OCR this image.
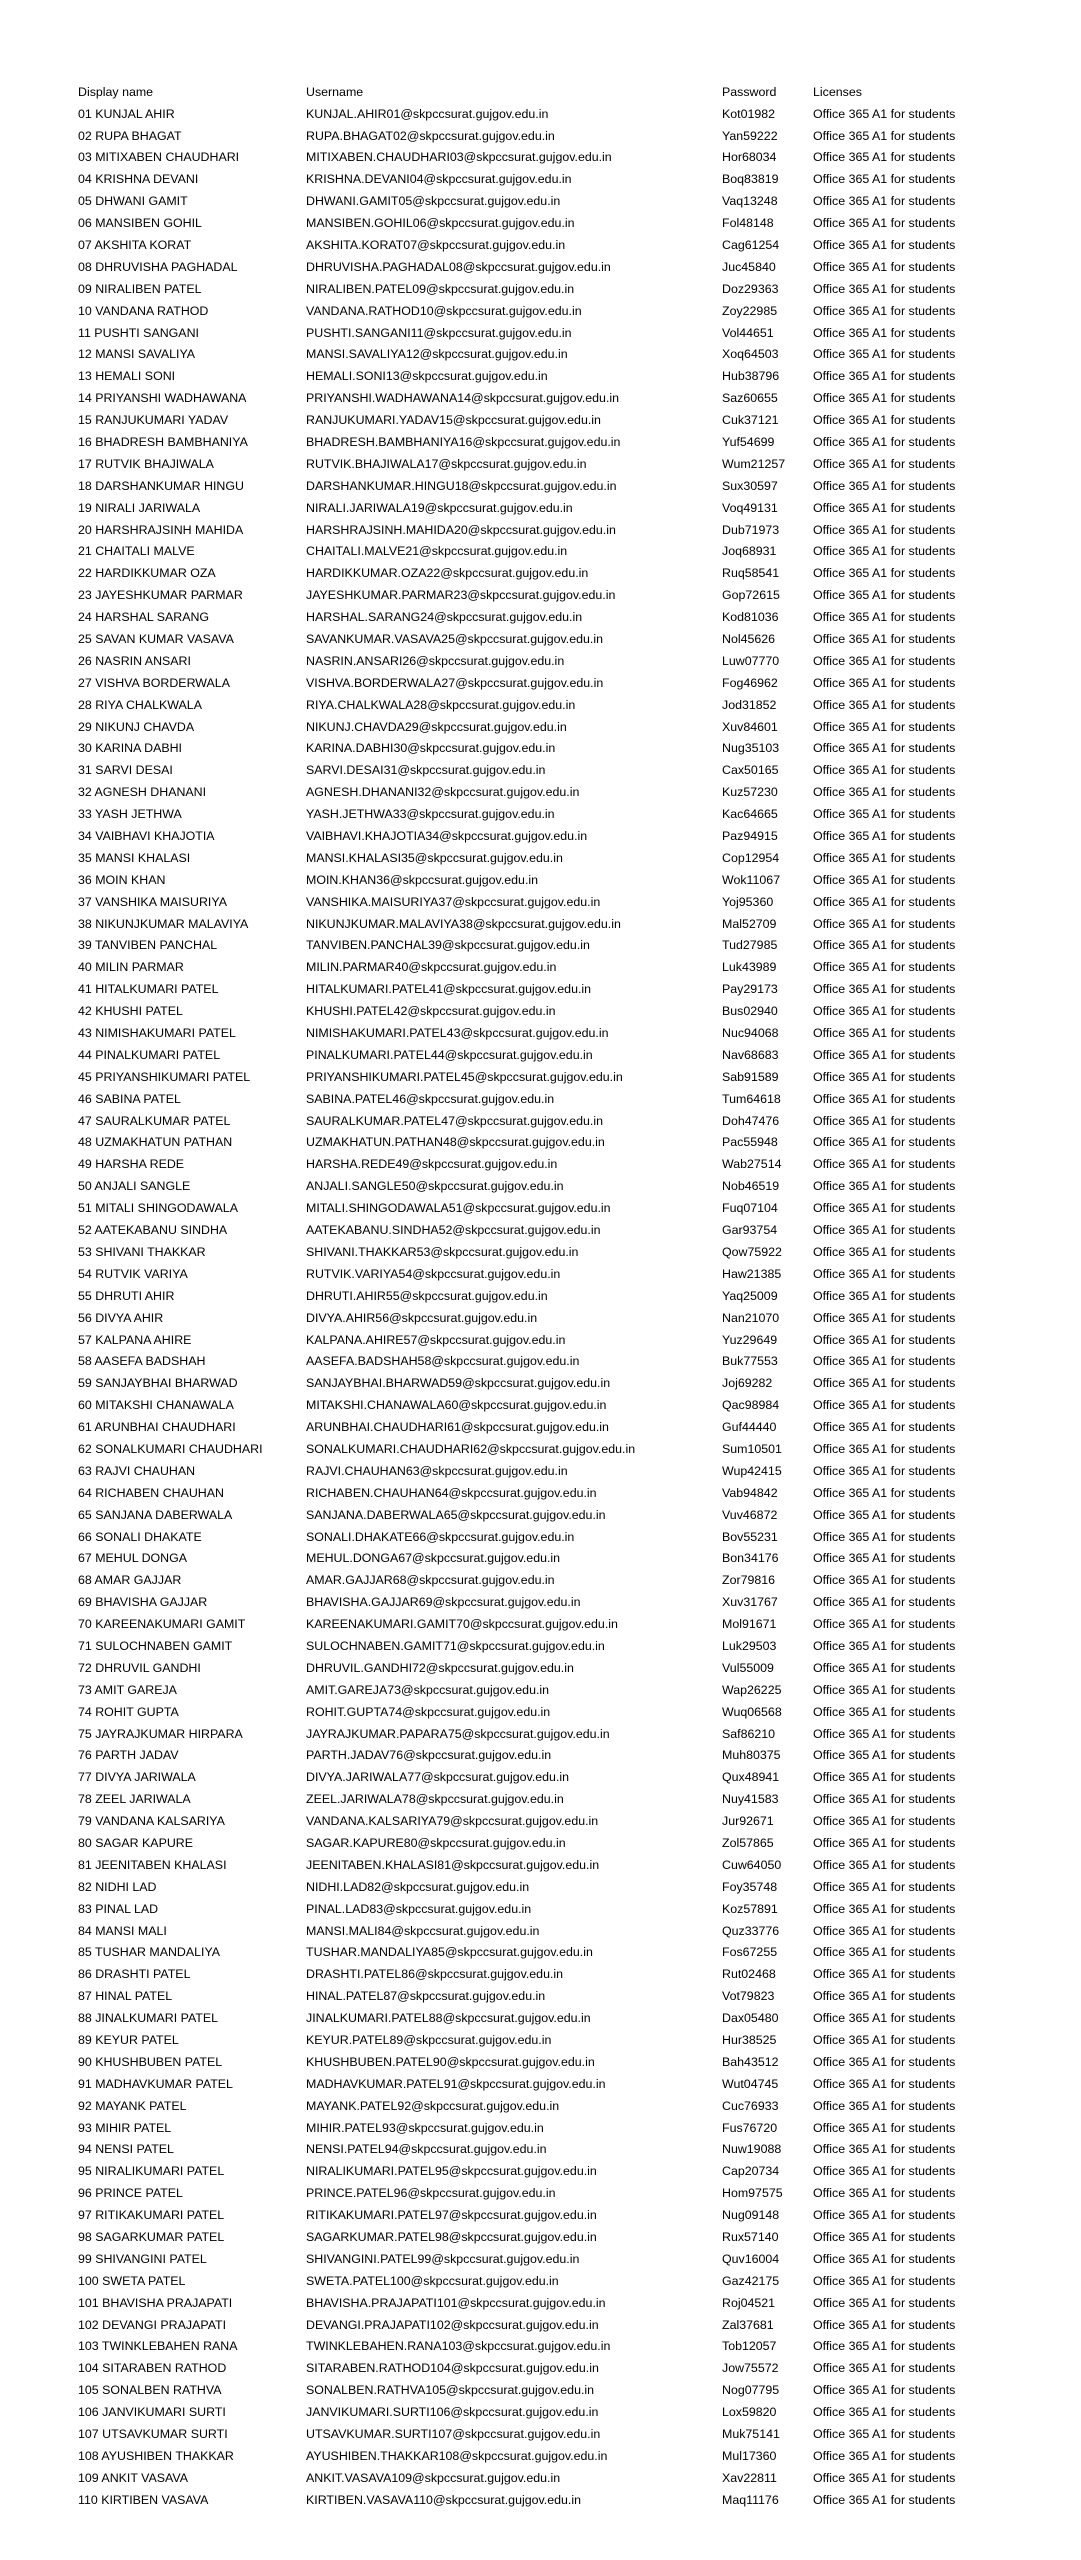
Display name	Username	Password	Licenses
01 KUNJAL AHIR	KUNJAL.AHIR01@skpccsurat.gujgov.edu.in	Kot01982	Office 365 A1 for students
02 RUPA BHAGAT	RUPA.BHAGAT02@skpccsurat.gujgov.edu.in	Yan59222	Office 365 A1 for students
03 MITIXABEN CHAUDHARI	MITIXABEN.CHAUDHARI03@skpccsurat.gujgov.edu.in	Hor68034	Office 365 A1 for students
04 KRISHNA DEVANI	KRISHNA.DEVANI04@skpccsurat.gujgov.edu.in	Boq83819	Office 365 A1 for students
05 DHWANI GAMIT	DHWANI.GAMIT05@skpccsurat.gujgov.edu.in	Vaq13248	Office 365 A1 for students
06 MANSIBEN GOHIL	MANSIBEN.GOHIL06@skpccsurat.gujgov.edu.in	Fol48148	Office 365 A1 for students
07 AKSHITA KORAT	AKSHITA.KORAT07@skpccsurat.gujgov.edu.in	Cag61254	Office 365 A1 for students
08 DHRUVISHA PAGHADAL	DHRUVISHA.PAGHADAL08@skpccsurat.gujgov.edu.in	Juc45840	Office 365 A1 for students
09 NIRALIBEN PATEL	NIRALIBEN.PATEL09@skpccsurat.gujgov.edu.in	Doz29363	Office 365 A1 for students
10 VANDANA RATHOD	VANDANA.RATHOD10@skpccsurat.gujgov.edu.in	Zoy22985	Office 365 A1 for students
11 PUSHTI SANGANI	PUSHTI.SANGANI11@skpccsurat.gujgov.edu.in	Vol44651	Office 365 A1 for students
12 MANSI SAVALIYA	MANSI.SAVALIYA12@skpccsurat.gujgov.edu.in	Xoq64503	Office 365 A1 for students
13 HEMALI SONI	HEMALI.SONI13@skpccsurat.gujgov.edu.in	Hub38796	Office 365 A1 for students
14 PRIYANSHI WADHAWANA	PRIYANSHI.WADHAWANA14@skpccsurat.gujgov.edu.in	Saz60655	Office 365 A1 for students
15 RANJUKUMARI YADAV	RANJUKUMARI.YADAV15@skpccsurat.gujgov.edu.in	Cuk37121	Office 365 A1 for students
16 BHADRESH BAMBHANIYA	BHADRESH.BAMBHANIYA16@skpccsurat.gujgov.edu.in	Yuf54699	Office 365 A1 for students
17 RUTVIK BHAJIWALA	RUTVIK.BHAJIWALA17@skpccsurat.gujgov.edu.in	Wum21257	Office 365 A1 for students
18 DARSHANKUMAR HINGU	DARSHANKUMAR.HINGU18@skpccsurat.gujgov.edu.in	Sux30597	Office 365 A1 for students
19 NIRALI JARIWALA	NIRALI.JARIWALA19@skpccsurat.gujgov.edu.in	Voq49131	Office 365 A1 for students
20 HARSHRAJSINH MAHIDA	HARSHRAJSINH.MAHIDA20@skpccsurat.gujgov.edu.in	Dub71973	Office 365 A1 for students
21 CHAITALI MALVE	CHAITALI.MALVE21@skpccsurat.gujgov.edu.in	Joq68931	Office 365 A1 for students
22 HARDIKKUMAR OZA	HARDIKKUMAR.OZA22@skpccsurat.gujgov.edu.in	Ruq58541	Office 365 A1 for students
23 JAYESHKUMAR PARMAR	JAYESHKUMAR.PARMAR23@skpccsurat.gujgov.edu.in	Gop72615	Office 365 A1 for students
24 HARSHAL SARANG	HARSHAL.SARANG24@skpccsurat.gujgov.edu.in	Kod81036	Office 365 A1 for students
25 SAVAN KUMAR VASAVA	SAVANKUMAR.VASAVA25@skpccsurat.gujgov.edu.in	Nol45626	Office 365 A1 for students
26 NASRIN ANSARI	NASRIN.ANSARI26@skpccsurat.gujgov.edu.in	Luw07770	Office 365 A1 for students
27 VISHVA BORDERWALA	VISHVA.BORDERWALA27@skpccsurat.gujgov.edu.in	Fog46962	Office 365 A1 for students
28 RIYA CHALKWALA	RIYA.CHALKWALA28@skpccsurat.gujgov.edu.in	Jod31852	Office 365 A1 for students
29 NIKUNJ CHAVDA	NIKUNJ.CHAVDA29@skpccsurat.gujgov.edu.in	Xuv84601	Office 365 A1 for students
30 KARINA DABHI	KARINA.DABHI30@skpccsurat.gujgov.edu.in	Nug35103	Office 365 A1 for students
31 SARVI DESAI	SARVI.DESAI31@skpccsurat.gujgov.edu.in	Cax50165	Office 365 A1 for students
32 AGNESH DHANANI	AGNESH.DHANANI32@skpccsurat.gujgov.edu.in	Kuz57230	Office 365 A1 for students
33 YASH JETHWA	YASH.JETHWA33@skpccsurat.gujgov.edu.in	Kac64665	Office 365 A1 for students
34 VAIBHAVI KHAJOTIA	VAIBHAVI.KHAJOTIA34@skpccsurat.gujgov.edu.in	Paz94915	Office 365 A1 for students
35 MANSI KHALASI	MANSI.KHALASI35@skpccsurat.gujgov.edu.in	Cop12954	Office 365 A1 for students
36 MOIN KHAN	MOIN.KHAN36@skpccsurat.gujgov.edu.in	Wok11067	Office 365 A1 for students
37 VANSHIKA MAISURIYA	VANSHIKA.MAISURIYA37@skpccsurat.gujgov.edu.in	Yoj95360	Office 365 A1 for students
38 NIKUNJKUMAR MALAVIYA	NIKUNJKUMAR.MALAVIYA38@skpccsurat.gujgov.edu.in	Mal52709	Office 365 A1 for students
39 TANVIBEN PANCHAL	TANVIBEN.PANCHAL39@skpccsurat.gujgov.edu.in	Tud27985	Office 365 A1 for students
40 MILIN PARMAR	MILIN.PARMAR40@skpccsurat.gujgov.edu.in	Luk43989	Office 365 A1 for students
41 HITALKUMARI PATEL	HITALKUMARI.PATEL41@skpccsurat.gujgov.edu.in	Pay29173	Office 365 A1 for students
42 KHUSHI PATEL	KHUSHI.PATEL42@skpccsurat.gujgov.edu.in	Bus02940	Office 365 A1 for students
43 NIMISHAKUMARI PATEL	NIMISHAKUMARI.PATEL43@skpccsurat.gujgov.edu.in	Nuc94068	Office 365 A1 for students
44 PINALKUMARI PATEL	PINALKUMARI.PATEL44@skpccsurat.gujgov.edu.in	Nav68683	Office 365 A1 for students
45 PRIYANSHIKUMARI PATEL	PRIYANSHIKUMARI.PATEL45@skpccsurat.gujgov.edu.in	Sab91589	Office 365 A1 for students
46 SABINA PATEL	SABINA.PATEL46@skpccsurat.gujgov.edu.in	Tum64618	Office 365 A1 for students
47 SAURALKUMAR PATEL	SAURALKUMAR.PATEL47@skpccsurat.gujgov.edu.in	Doh47476	Office 365 A1 for students
48 UZMAKHATUN PATHAN	UZMAKHATUN.PATHAN48@skpccsurat.gujgov.edu.in	Pac55948	Office 365 A1 for students
49 HARSHA REDE	HARSHA.REDE49@skpccsurat.gujgov.edu.in	Wab27514	Office 365 A1 for students
50 ANJALI SANGLE	ANJALI.SANGLE50@skpccsurat.gujgov.edu.in	Nob46519	Office 365 A1 for students
51 MITALI SHINGODAWALA	MITALI.SHINGODAWALA51@skpccsurat.gujgov.edu.in	Fuq07104	Office 365 A1 for students
52 AATEKABANU SINDHA	AATEKABANU.SINDHA52@skpccsurat.gujgov.edu.in	Gar93754	Office 365 A1 for students
53 SHIVANI THAKKAR	SHIVANI.THAKKAR53@skpccsurat.gujgov.edu.in	Qow75922	Office 365 A1 for students
54 RUTVIK VARIYA	RUTVIK.VARIYA54@skpccsurat.gujgov.edu.in	Haw21385	Office 365 A1 for students
55 DHRUTI AHIR	DHRUTI.AHIR55@skpccsurat.gujgov.edu.in	Yaq25009	Office 365 A1 for students
56 DIVYA AHIR	DIVYA.AHIR56@skpccsurat.gujgov.edu.in	Nan21070	Office 365 A1 for students
57 KALPANA AHIRE	KALPANA.AHIRE57@skpccsurat.gujgov.edu.in	Yuz29649	Office 365 A1 for students
58 AASEFA BADSHAH	AASEFA.BADSHAH58@skpccsurat.gujgov.edu.in	Buk77553	Office 365 A1 for students
59 SANJAYBHAI BHARWAD	SANJAYBHAI.BHARWAD59@skpccsurat.gujgov.edu.in	Joj69282	Office 365 A1 for students
60 MITAKSHI CHANAWALA	MITAKSHI.CHANAWALA60@skpccsurat.gujgov.edu.in	Qac98984	Office 365 A1 for students
61 ARUNBHAI CHAUDHARI	ARUNBHAI.CHAUDHARI61@skpccsurat.gujgov.edu.in	Guf44440	Office 365 A1 for students
62 SONALKUMARI CHAUDHARI	SONALKUMARI.CHAUDHARI62@skpccsurat.gujgov.edu.in	Sum10501	Office 365 A1 for students
63 RAJVI CHAUHAN	RAJVI.CHAUHAN63@skpccsurat.gujgov.edu.in	Wup42415	Office 365 A1 for students
64 RICHABEN CHAUHAN	RICHABEN.CHAUHAN64@skpccsurat.gujgov.edu.in	Vab94842	Office 365 A1 for students
65 SANJANA DABERWALA	SANJANA.DABERWALA65@skpccsurat.gujgov.edu.in	Vuv46872	Office 365 A1 for students
66 SONALI DHAKATE	SONALI.DHAKATE66@skpccsurat.gujgov.edu.in	Bov55231	Office 365 A1 for students
67 MEHUL DONGA	MEHUL.DONGA67@skpccsurat.gujgov.edu.in	Bon34176	Office 365 A1 for students
68 AMAR GAJJAR	AMAR.GAJJAR68@skpccsurat.gujgov.edu.in	Zor79816	Office 365 A1 for students
69 BHAVISHA GAJJAR	BHAVISHA.GAJJAR69@skpccsurat.gujgov.edu.in	Xuv31767	Office 365 A1 for students
70 KAREENAKUMARI GAMIT	KAREENAKUMARI.GAMIT70@skpccsurat.gujgov.edu.in	Mol91671	Office 365 A1 for students
71 SULOCHNABEN GAMIT	SULOCHNABEN.GAMIT71@skpccsurat.gujgov.edu.in	Luk29503	Office 365 A1 for students
72 DHRUVIL GANDHI	DHRUVIL.GANDHI72@skpccsurat.gujgov.edu.in	Vul55009	Office 365 A1 for students
73 AMIT GAREJA	AMIT.GAREJA73@skpccsurat.gujgov.edu.in	Wap26225	Office 365 A1 for students
74 ROHIT GUPTA	ROHIT.GUPTA74@skpccsurat.gujgov.edu.in	Wuq06568	Office 365 A1 for students
75 JAYRAJKUMAR HIRPARA	JAYRAJKUMAR.PAPARA75@skpccsurat.gujgov.edu.in	Saf86210	Office 365 A1 for students
76 PARTH JADAV	PARTH.JADAV76@skpccsurat.gujgov.edu.in	Muh80375	Office 365 A1 for students
77 DIVYA JARIWALA	DIVYA.JARIWALA77@skpccsurat.gujgov.edu.in	Qux48941	Office 365 A1 for students
78 ZEEL JARIWALA	ZEEL.JARIWALA78@skpccsurat.gujgov.edu.in	Nuy41583	Office 365 A1 for students
79 VANDANA KALSARIYA	VANDANA.KALSARIYA79@skpccsurat.gujgov.edu.in	Jur92671	Office 365 A1 for students
80 SAGAR KAPURE	SAGAR.KAPURE80@skpccsurat.gujgov.edu.in	Zol57865	Office 365 A1 for students
81 JEENITABEN KHALASI	JEENITABEN.KHALASI81@skpccsurat.gujgov.edu.in	Cuw64050	Office 365 A1 for students
82 NIDHI LAD	NIDHI.LAD82@skpccsurat.gujgov.edu.in	Foy35748	Office 365 A1 for students
83 PINAL LAD	PINAL.LAD83@skpccsurat.gujgov.edu.in	Koz57891	Office 365 A1 for students
84 MANSI MALI	MANSI.MALI84@skpccsurat.gujgov.edu.in	Quz33776	Office 365 A1 for students
85 TUSHAR MANDALIYA	TUSHAR.MANDALIYA85@skpccsurat.gujgov.edu.in	Fos67255	Office 365 A1 for students
86 DRASHTI PATEL	DRASHTI.PATEL86@skpccsurat.gujgov.edu.in	Rut02468	Office 365 A1 for students
87 HINAL PATEL	HINAL.PATEL87@skpccsurat.gujgov.edu.in	Vot79823	Office 365 A1 for students
88 JINALKUMARI PATEL	JINALKUMARI.PATEL88@skpccsurat.gujgov.edu.in	Dax05480	Office 365 A1 for students
89 KEYUR PATEL	KEYUR.PATEL89@skpccsurat.gujgov.edu.in	Hur38525	Office 365 A1 for students
90 KHUSHBUBEN PATEL	KHUSHBUBEN.PATEL90@skpccsurat.gujgov.edu.in	Bah43512	Office 365 A1 for students
91 MADHAVKUMAR PATEL	MADHAVKUMAR.PATEL91@skpccsurat.gujgov.edu.in	Wut04745	Office 365 A1 for students
92 MAYANK PATEL	MAYANK.PATEL92@skpccsurat.gujgov.edu.in	Cuc76933	Office 365 A1 for students
93 MIHIR PATEL	MIHIR.PATEL93@skpccsurat.gujgov.edu.in	Fus76720	Office 365 A1 for students
94 NENSI PATEL	NENSI.PATEL94@skpccsurat.gujgov.edu.in	Nuw19088	Office 365 A1 for students
95 NIRALIKUMARI PATEL	NIRALIKUMARI.PATEL95@skpccsurat.gujgov.edu.in	Cap20734	Office 365 A1 for students
96 PRINCE PATEL	PRINCE.PATEL96@skpccsurat.gujgov.edu.in	Hom97575	Office 365 A1 for students
97 RITIKAKUMARI PATEL	RITIKAKUMARI.PATEL97@skpccsurat.gujgov.edu.in	Nug09148	Office 365 A1 for students
98 SAGARKUMAR PATEL	SAGARKUMAR.PATEL98@skpccsurat.gujgov.edu.in	Rux57140	Office 365 A1 for students
99 SHIVANGINI PATEL	SHIVANGINI.PATEL99@skpccsurat.gujgov.edu.in	Quv16004	Office 365 A1 for students
100 SWETA PATEL	SWETA.PATEL100@skpccsurat.gujgov.edu.in	Gaz42175	Office 365 A1 for students
101 BHAVISHA PRAJAPATI	BHAVISHA.PRAJAPATI101@skpccsurat.gujgov.edu.in	Roj04521	Office 365 A1 for students
102 DEVANGI PRAJAPATI	DEVANGI.PRAJAPATI102@skpccsurat.gujgov.edu.in	Zal37681	Office 365 A1 for students
103 TWINKLEBAHEN RANA	TWINKLEBAHEN.RANA103@skpccsurat.gujgov.edu.in	Tob12057	Office 365 A1 for students
104 SITARABEN RATHOD	SITARABEN.RATHOD104@skpccsurat.gujgov.edu.in	Jow75572	Office 365 A1 for students
105 SONALBEN RATHVA	SONALBEN.RATHVA105@skpccsurat.gujgov.edu.in	Nog07795	Office 365 A1 for students
106 JANVIKUMARI SURTI	JANVIKUMARI.SURTI106@skpccsurat.gujgov.edu.in	Lox59820	Office 365 A1 for students
107 UTSAVKUMAR SURTI	UTSAVKUMAR.SURTI107@skpccsurat.gujgov.edu.in	Muk75141	Office 365 A1 for students
108 AYUSHIBEN THAKKAR	AYUSHIBEN.THAKKAR108@skpccsurat.gujgov.edu.in	Mul17360	Office 365 A1 for students
109 ANKIT VASAVA	ANKIT.VASAVA109@skpccsurat.gujgov.edu.in	Xav22811	Office 365 A1 for students
110 KIRTIBEN VASAVA	KIRTIBEN.VASAVA110@skpccsurat.gujgov.edu.in	Maq11176	Office 365 A1 for students
